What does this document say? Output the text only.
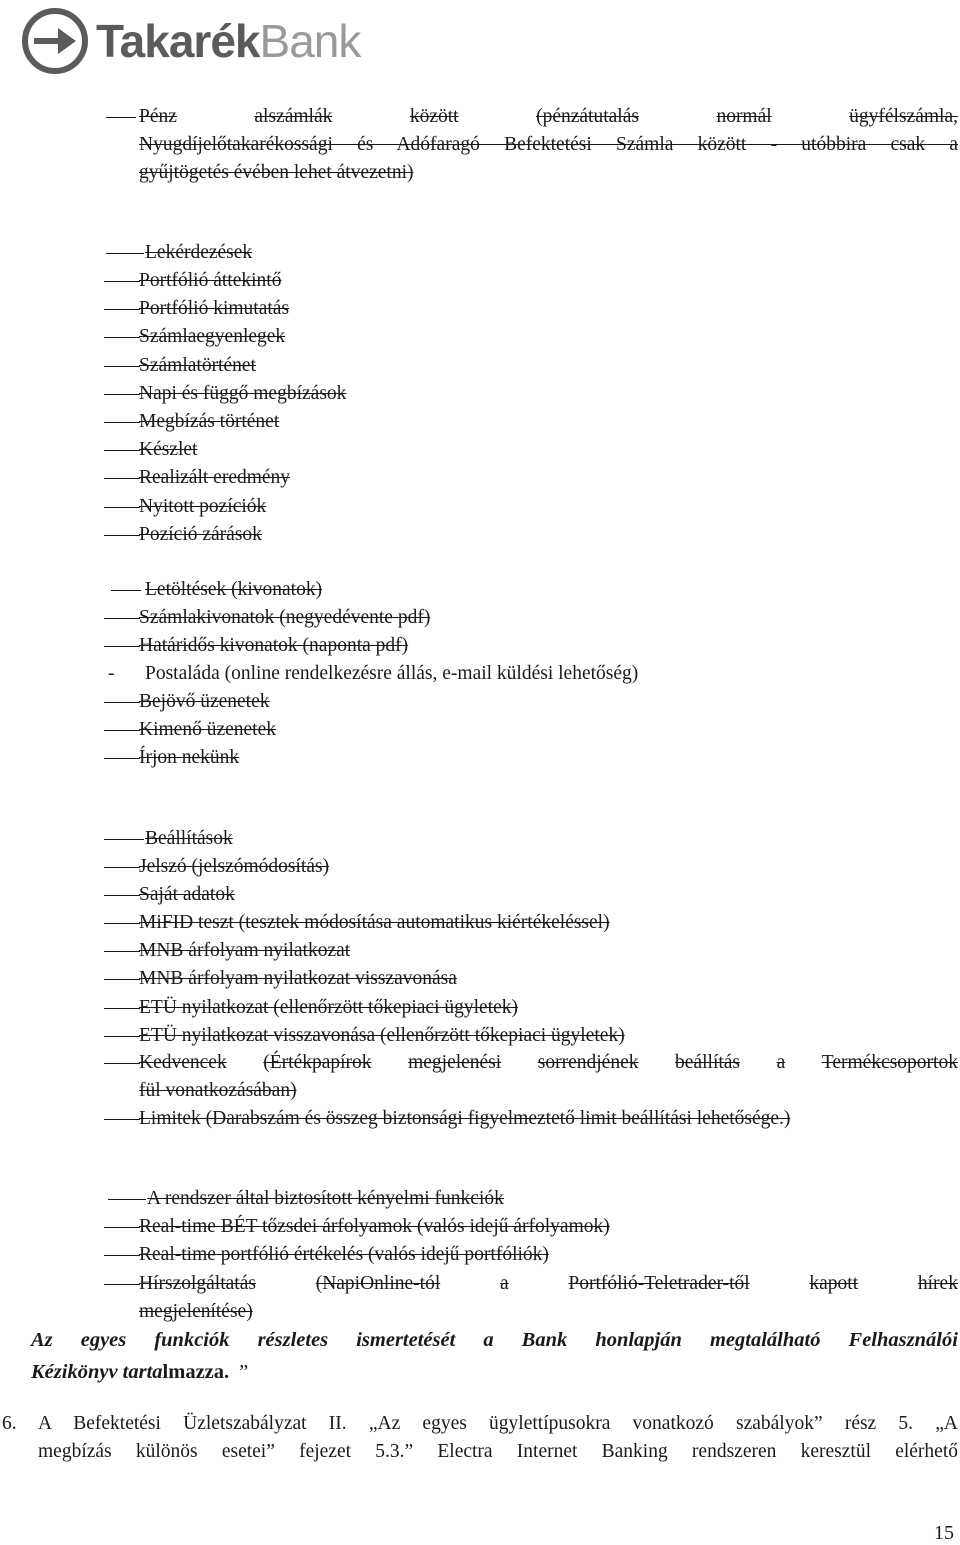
TakarékBank
Pénz	alszámlák	között	(pénzátutalás	normál	ügyfélszámla,
Nyugdíjelőtakarékossági és Adófaragó Befektetési Számla között - utóbbira csak a
gyűjtögetés évében lehet átvezetni)
Lekérdezések
Portfólió áttekintő
Portfólió kimutatás
Számlaegyenlegek
Számlatörténet
Napi és függő megbízások
Megbízás történet
Készlet
Realizált eredmény
Nyitott pozíciók
Pozíció zárások
Letöltések (kivonatok)
Számlakivonatok (negyedévente pdf)
Határidős kivonatok (naponta pdf)
- Postaláda (online rendelkezésre állás, e-mail küldési lehetőség)
Bejövő üzenetek
Kimenő üzenetek
Írjon nekünk
Beállítások
Jelszó (jelszómódosítás)
Saját adatok
MiFID teszt (tesztek módosítása automatikus kiértékeléssel)
MNB árfolyam nyilatkozat
MNB árfolyam nyilatkozat visszavonása
ETÜ nyilatkozat (ellenőrzött tőkepiaci ügyletek)
ETÜ nyilatkozat visszavonása (ellenőrzött tőkepiaci ügyletek)
Kedvencek (Értékpapírok megjelenési sorrendjének beállítás a Termékcsoportok
fül vonatkozásában)
Limitek (Darabszám és összeg biztonsági figyelmeztető limit beállítási lehetősége.)
A rendszer által biztosított kényelmi funkciók
Real-time BÉT tőzsdei árfolyamok (valós idejű árfolyamok)
Real-time portfólió értékelés (valós idejű portfóliók)
Hírszolgáltatás	(NapiOnline-tól	a	Portfólió-Teletrader-től	kapott	hírek
megjelenítése)
Az egyes funkciók részletes ismertetését a Bank honlapján megtalálható Felhasználói
Kézikönyv tartalmazza. ”
6. A Befektetési Üzletszabályzat II. „Az egyes ügylettípusokra vonatkozó szabályok” rész 5. „A
megbízás különös esetei” fejezet 5.3.” Electra Internet Banking rendszeren keresztül elérhető
15
